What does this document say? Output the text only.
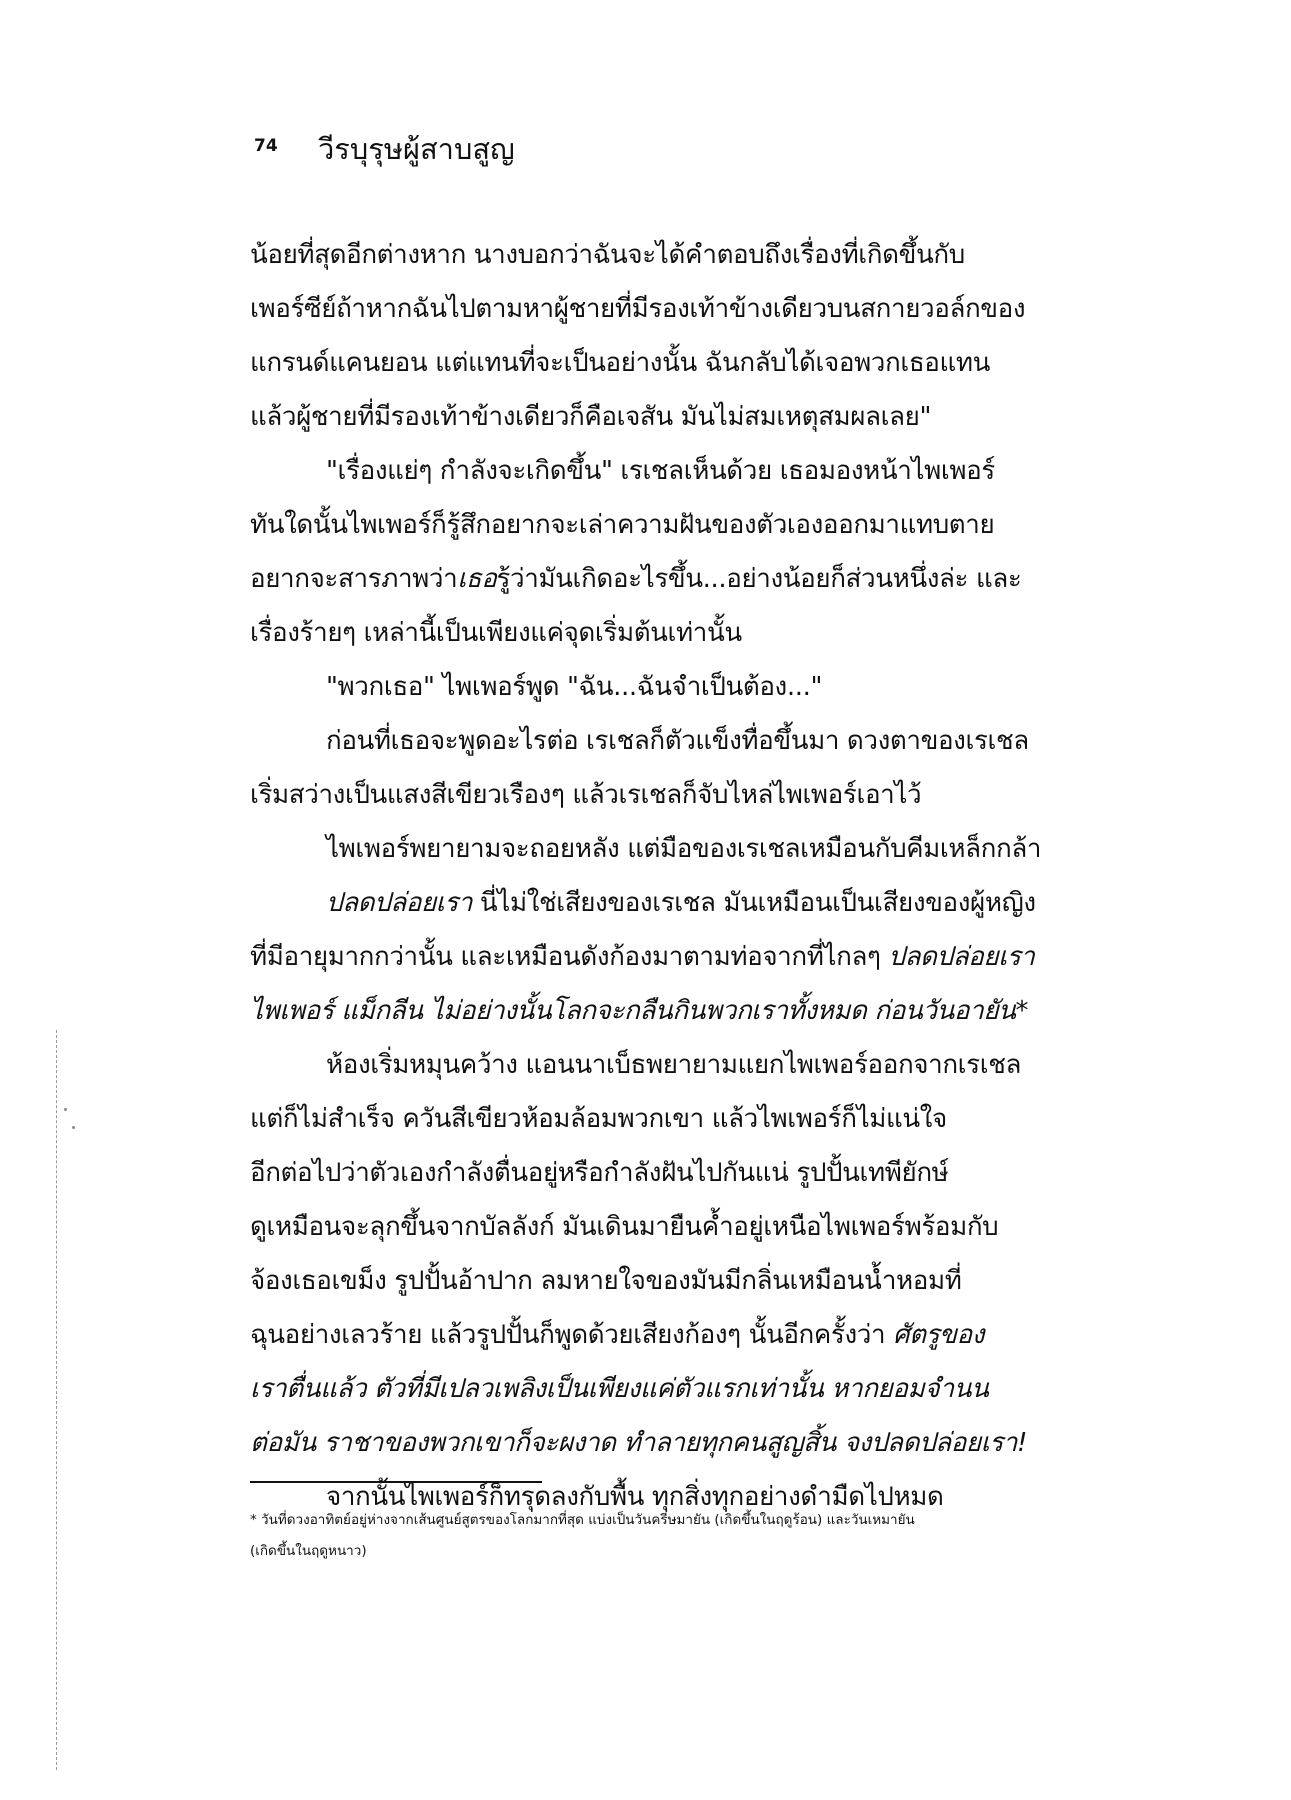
74 วีรบุรุษผู้สาบสูญ
น้อยที่สุดอีกต่างหาก นางบอกว่าฉันจะได้คำตอบถึงเรื่องที่เกิดขึ้นกับ
เพอร์ซีย์ถ้าหากฉันไปตามหาผู้ชายที่มีรองเท้าข้างเดียวบนสกายวอล์กของ
แกรนด์แคนยอน แต่แทนที่จะเป็นอย่างนั้น ฉันกลับได้เจอพวกเธอแทน
แล้วผู้ชายที่มีรองเท้าข้างเดียวก็คือเจสัน มันไม่สมเหตุสมผลเลย"
"เรื่องแย่ๆ กำลังจะเกิดขึ้น" เรเชลเห็นด้วย เธอมองหน้าไพเพอร์
ทันใดนั้นไพเพอร์ก็รู้สึกอยากจะเล่าความฝันของตัวเองออกมาแทบตาย
อยากจะสารภาพว่าเธอรู้ว่ามันเกิดอะไรขึ้น...อย่างน้อยก็ส่วนหนึ่งล่ะ และ
เรื่องร้ายๆ เหล่านี้เป็นเพียงแค่จุดเริ่มต้นเท่านั้น
"พวกเธอ" ไพเพอร์พูด "ฉัน...ฉันจำเป็นต้อง..."
ก่อนที่เธอจะพูดอะไรต่อ เรเชลก็ตัวแข็งทื่อขึ้นมา ดวงตาของเรเชล
เริ่มสว่างเป็นแสงสีเขียวเรืองๆ แล้วเรเชลก็จับไหล่ไพเพอร์เอาไว้
ไพเพอร์พยายามจะถอยหลัง แต่มือของเรเชลเหมือนกับคีมเหล็กกล้า
ปลดปล่อยเรา นี่ไม่ใช่เสียงของเรเชล มันเหมือนเป็นเสียงของผู้หญิง
ที่มีอายุมากกว่านั้น และเหมือนดังก้องมาตามท่อจากที่ไกลๆ ปลดปล่อยเรา
ไพเพอร์ แม็กลีน ไม่อย่างนั้นโลกจะกลืนกินพวกเราทั้งหมด ก่อนวันอายัน*
ห้องเริ่มหมุนคว้าง แอนนาเบ็ธพยายามแยกไพเพอร์ออกจากเรเชล
แต่ก็ไม่สำเร็จ ควันสีเขียวห้อมล้อมพวกเขา แล้วไพเพอร์ก็ไม่แน่ใจ
อีกต่อไปว่าตัวเองกำลังตื่นอยู่หรือกำลังฝันไปกันแน่ รูปปั้นเทพียักษ์
ดูเหมือนจะลุกขึ้นจากบัลลังก์ มันเดินมายืนค้ำอยู่เหนือไพเพอร์พร้อมกับ
จ้องเธอเขม็ง รูปปั้นอ้าปาก ลมหายใจของมันมีกลิ่นเหมือนน้ำหอมที่
ฉุนอย่างเลวร้าย แล้วรูปปั้นก็พูดด้วยเสียงก้องๆ นั้นอีกครั้งว่า ศัตรูของ
เราตื่นแล้ว ตัวที่มีเปลวเพลิงเป็นเพียงแค่ตัวแรกเท่านั้น หากยอมจำนน
ต่อมัน ราชาของพวกเขาก็จะผงาด ทำลายทุกคนสูญสิ้น จงปลดปล่อยเรา!
จากนั้นไพเพอร์ก็ทรุดลงกับพื้น ทุกสิ่งทุกอย่างดำมืดไปหมด
* วันที่ดวงอาทิตย์อยู่ห่างจากเส้นศูนย์สูตรของโลกมากที่สุด แบ่งเป็นวันครีษมายัน (เกิดขึ้นในฤดูร้อน) และวันเหมายัน
(เกิดขึ้นในฤดูหนาว)
